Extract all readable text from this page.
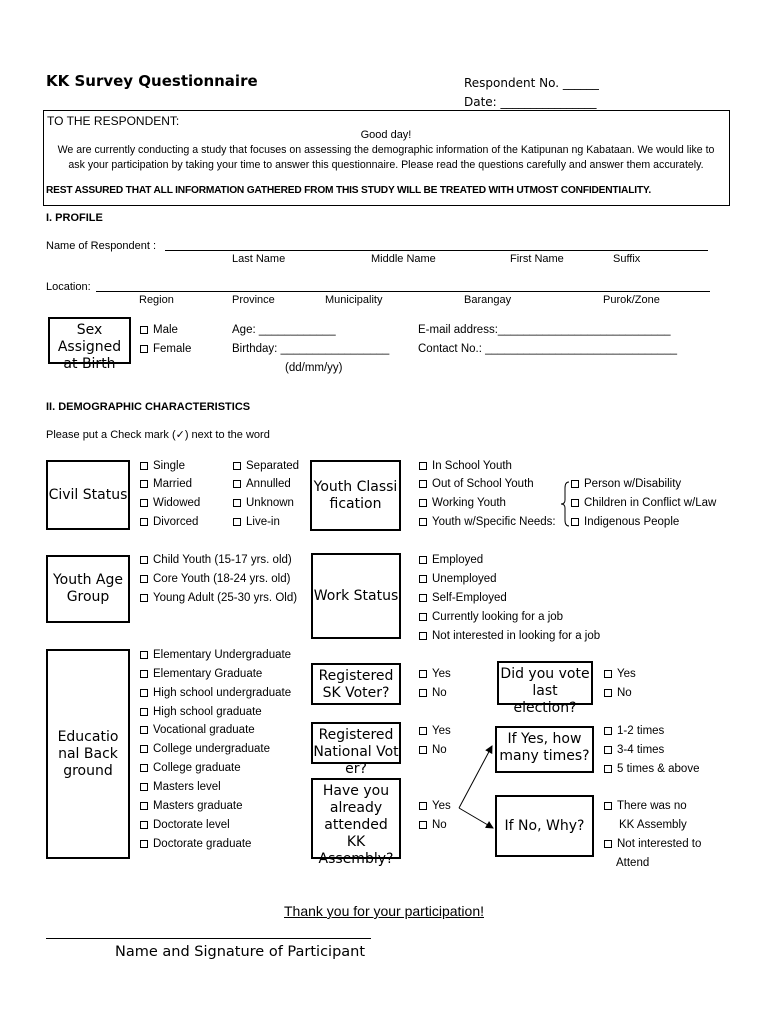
KK Survey Questionnaire	Respondent No. ______
Date: ________________
TO THE RESPONDENT:
Good day!
We are currently conducting a study that focuses on assessing the demographic information of the Katipunan ng Kabataan. We would like to
ask your participation by taking your time to answer this questionnaire. Please read the questions carefully and answer them accurately.
REST ASSURED THAT ALL INFORMATION GATHERED FROM THIS STUDY WILL BE TREATED WITH UTMOST CONFIDENTIALITY.
I. PROFILE
Name of Respondent :
Last Name	Middle Name	First Name	Suffix
Location:
Region	Province	Municipality	Barangay	Purok/Zone
Sex Assigned at Birth
Male
Female
Age: ____________
Birthday: _________________
(dd/mm/yy)
E-mail address:___________________________
Contact No.: ______________________________
II. DEMOGRAPHIC CHARACTERISTICS
Please put a Check mark (✓) next to the word
Civil Status
Single
Married
Widowed
Divorced
Separated
Annulled
Unknown
Live-in
Youth Classification
In School Youth
Out of School Youth
Working Youth
Youth w/Specific Needs:
Person w/Disability
Children in Conflict w/Law
Indigenous People
Youth Age Group
Child Youth (15-17 yrs. old)
Core Youth (18-24 yrs. old)
Young Adult (25-30 yrs. Old) Work Status
Employed
Unemployed
Self-Employed
Currently looking for a job
Not interested in looking for a job
Educational Background
Elementary Undergraduate
Elementary Graduate
High school undergraduate
High school graduate
Vocational graduate
College undergraduate
College graduate
Masters level
Masters graduate
Doctorate level
Doctorate graduate
Registered SK Voter?
Yes
No
Did you vote last election?
Yes
No
Registered National Voter?
Yes
No
If Yes, how many times?
1-2 times
3-4 times
5 times & above
Have you already attended KK Assembly?
Yes
No	If No, Why?
There was no
KK Assembly
Not interested to
Attend
Thank you for your participation!
Name and Signature of Participant
